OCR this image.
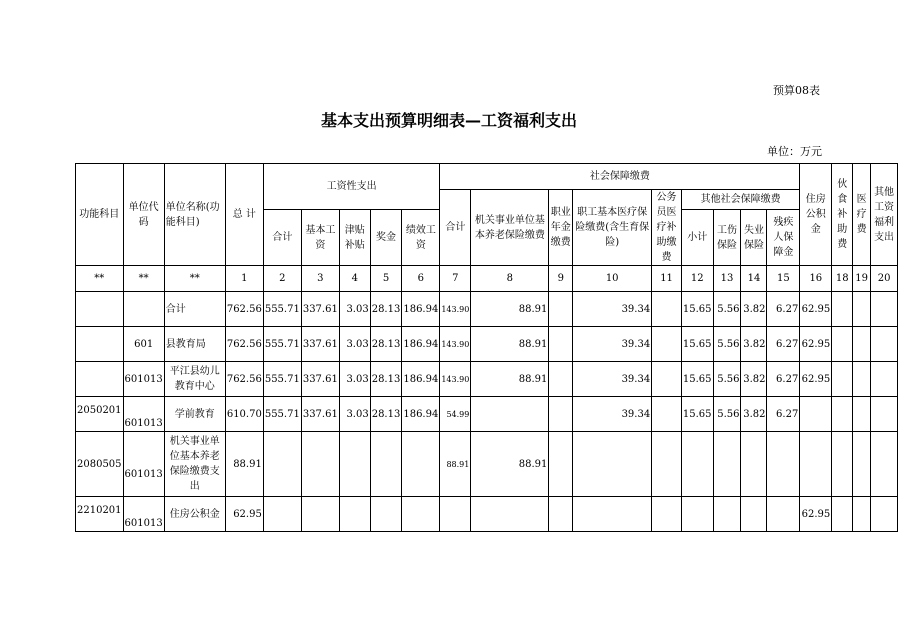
预算08表
基本支出预算明细表—工资福利支出
单位：万元
功能科目	单位代码	单位名称(功能科目)	总 计	工资性支出					社会保障缴费									住房公积金	伙食补助费	医疗费	其他工资福利支出
									合计	机关事业单位基本养老保险缴费	职业年金缴费	职工基本医疗保险缴费(含生育保险)	公务员医疗补助缴费	其他社会保障缴费							
				合计	基本工资	津贴补贴	奖金	绩效工资						小计	工伤保险	失业保险	残疾人保障金				

**	**	**	1	2	3	4	5	6	7	8	9	10	11	12	13	14	15	16	18	19	20
		合计	762.56	555.71	337.61	3.03	28.13	186.94	143.90	88.91		39.34		15.65	5.56	3.82	6.27	62.95			
	601	县教育局	762.56	555.71	337.61	3.03	28.13	186.94	143.90	88.91		39.34		15.65	5.56	3.82	6.27	62.95			
	601013	平江县幼儿教育中心	762.56	555.71	337.61	3.03	28.13	186.94	143.90	88.91		39.34		15.65	5.56	3.82	6.27	62.95			
2050201	601013	学前教育	610.70	555.71	337.61	3.03	28.13	186.94	54.99			39.34		15.65	5.56	3.82	6.27				
2080505	601013	机关事业单位基本养老保险缴费支出	88.91						88.91	88.91											
2210201	601013	住房公积金	62.95															62.95			
